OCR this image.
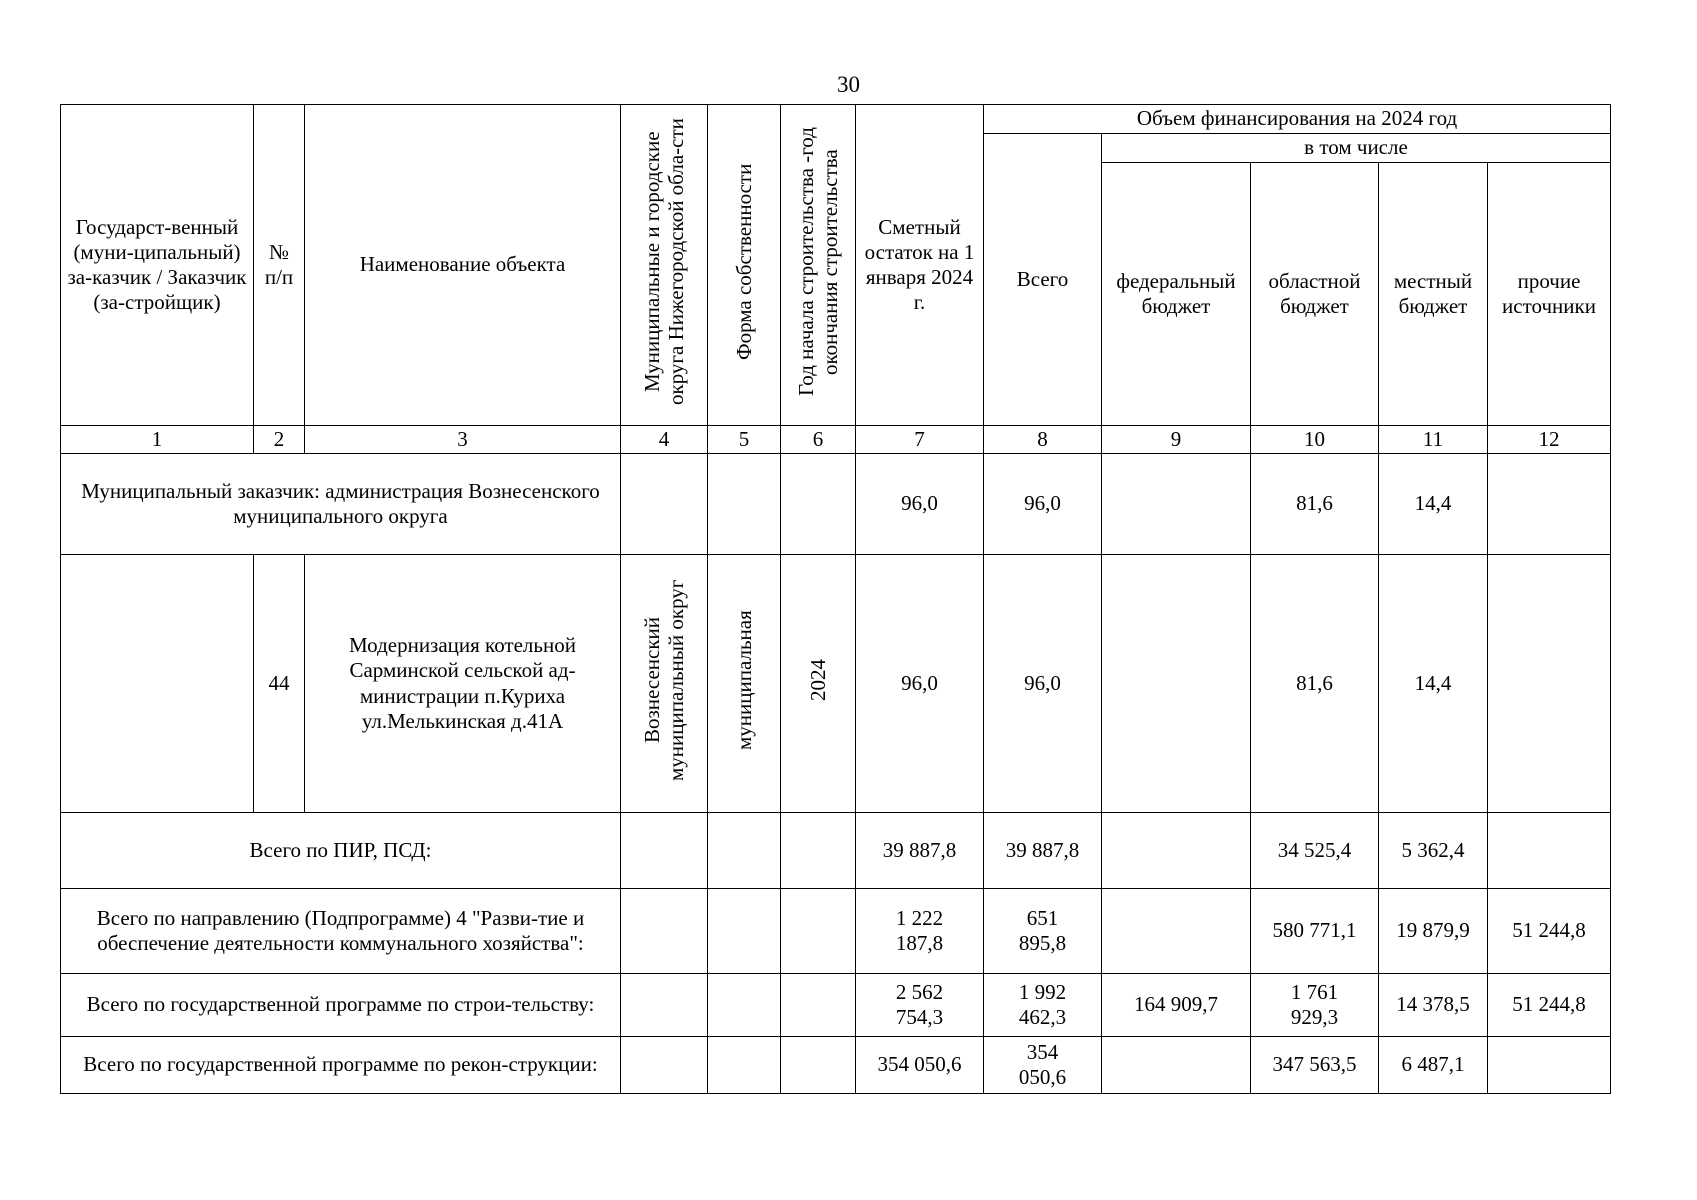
30
Государст-венный (муни-ципальный) за-казчик / Заказчик (за-стройщик)	№ п/п	Наименование объекта	Муниципальные и городские округа Нижегородской обла-сти	Форма собственности	Год начала строительства -год окончания строительства	Сметный остаток на 1 января 2024 г.	Объем финансирования на 2024 год				
							Всего	в том числе			
								федеральный бюджет	областной бюджет	местный бюджет	прочие источники
1	2	3	4	5	6	7	8	9	10	11	12
Муниципальный заказчик: администрация Вознесенского муниципального округа						96,0	96,0		81,6	14,4	
	44	Модернизация котельной Сарминской сельской ад-министрации п.Куриха ул.Мелькинская д.41А	Вознесенский муниципальный округ	муниципальная	2024	96,0	96,0		81,6	14,4	
Всего по ПИР, ПСД:						39 887,8	39 887,8		34 525,4	5 362,4	
Всего по направлению (Подпрограмме) 4 "Разви-тие и обеспечение деятельности коммунального хозяйства":						1 222 187,8	651 895,8		580 771,1	19 879,9	51 244,8
Всего по государственной программе по строи-тельству:						2 562 754,3	1 992 462,3	164 909,7	1 761 929,3	14 378,5	51 244,8
Всего по государственной программе по рекон-струкции:						354 050,6	354 050,6		347 563,5	6 487,1	
